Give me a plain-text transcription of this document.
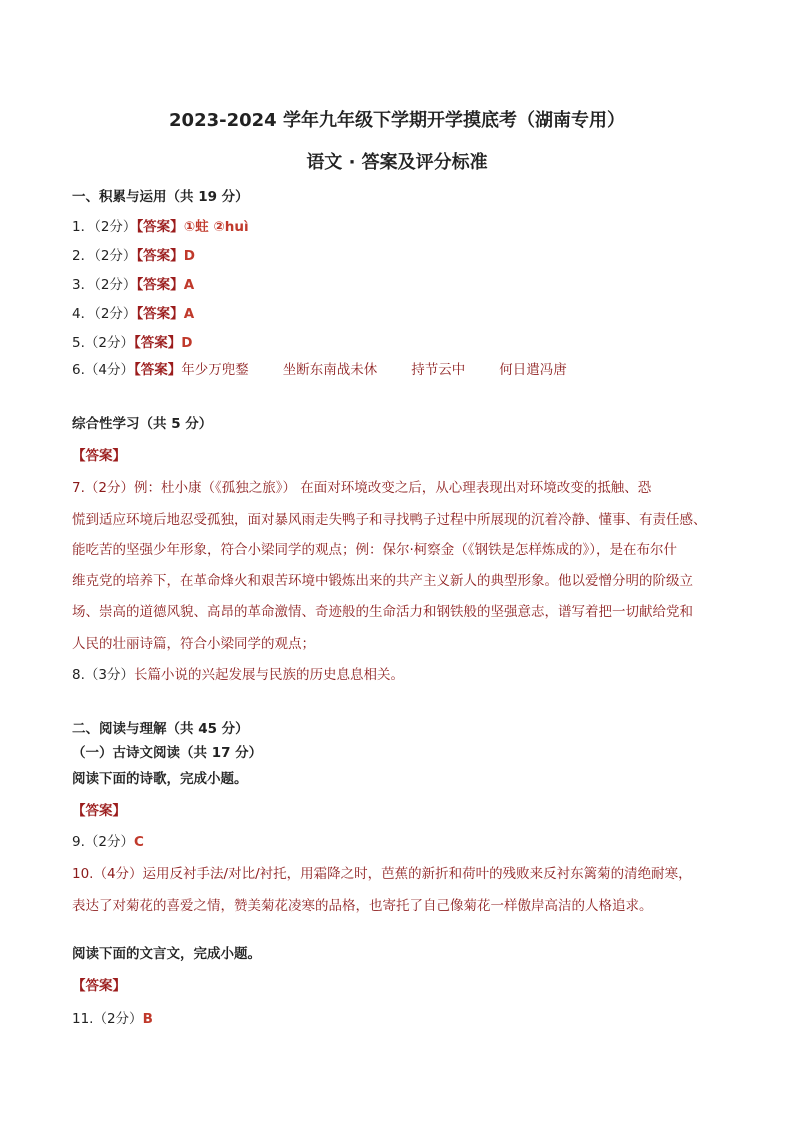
2023-2024 学年九年级下学期开学摸底考（湖南专用）
语文 · 答案及评分标准
一、积累与运用（共 19 分）
1．（2分）【答案】①蛀 ②huì
2．（2分）【答案】D
3．（2分）【答案】A
4．（2分）【答案】A
5.（2分）【答案】D
6.（4分）【答案】年少万兜鍪	坐断东南战未休	持节云中	何日遣冯唐
综合性学习（共 5 分）
【答案】
7.（2分）例：杜小康（《孤独之旅》） 在面对环境改变之后，从心理表现出对环境改变的抵触、恐
慌到适应环境后地忍受孤独，面对暴风雨走失鸭子和寻找鸭子过程中所展现的沉着冷静、懂事、有责任感、
能吃苦的坚强少年形象，符合小梁同学的观点；例：保尔·柯察金（《钢铁是怎样炼成的》），是在布尔什
维克党的培养下，在革命烽火和艰苦环境中锻炼出来的共产主义新人的典型形象。他以爱憎分明的阶级立
场、崇高的道德风貌、高昂的革命激情、奇迹般的生命活力和钢铁般的坚强意志，谱写着把一切献给党和
人民的壮丽诗篇，符合小梁同学的观点；
8.（3分）长篇小说的兴起发展与民族的历史息息相关。
二、阅读与理解（共 45 分）
（一）古诗文阅读（共 17 分）
阅读下面的诗歌，完成小题。
【答案】
9.（2分）C
10.（4分）运用反衬手法/对比/衬托，用霜降之时，芭蕉的新折和荷叶的残败来反衬东篱菊的清绝耐寒，
表达了对菊花的喜爱之情，赞美菊花凌寒的品格，也寄托了自己像菊花一样傲岸高洁的人格追求。
阅读下面的文言文，完成小题。
【答案】
11.（2分）B
